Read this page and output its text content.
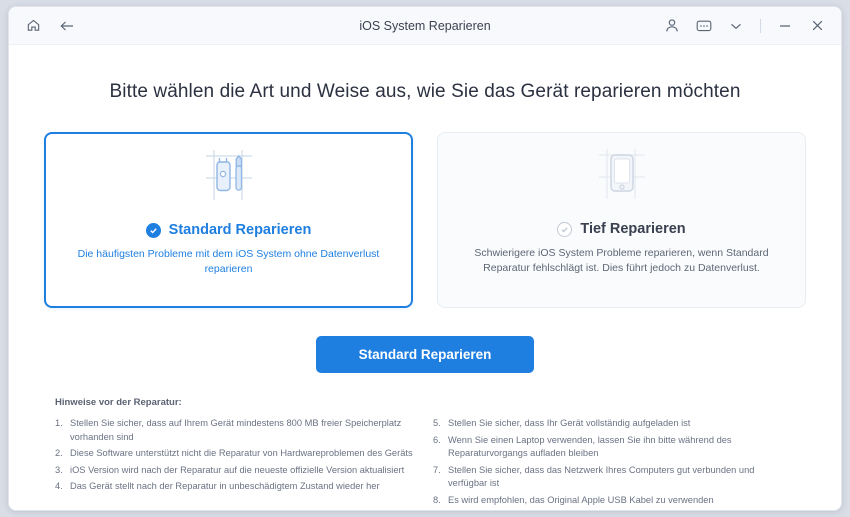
iOS System Reparieren
Bitte wählen die Art und Weise aus, wie Sie das Gerät reparieren möchten
Standard Reparieren
Die häufigsten Probleme mit dem iOS System ohne Datenverlust reparieren
Tief Reparieren
Schwierigere iOS System Probleme reparieren, wenn Standard Reparatur fehlschlägt ist. Dies führt jedoch zu Datenverlust.
Standard Reparieren
Hinweise vor der Reparatur:
1. Stellen Sie sicher, dass auf Ihrem Gerät mindestens 800 MB freier Speicherplatz vorhanden sind
2. Diese Software unterstützt nicht die Reparatur von Hardwareproblemen des Geräts
3. iOS Version wird nach der Reparatur auf die neueste offizielle Version aktualisiert
4. Das Gerät stellt nach der Reparatur in unbeschädigtem Zustand wieder her
5. Stellen Sie sicher, dass Ihr Gerät vollständig aufgeladen ist
6. Wenn Sie einen Laptop verwenden, lassen Sie ihn bitte während des Reparaturvorgangs aufladen bleiben
7. Stellen Sie sicher, dass das Netzwerk Ihres Computers gut verbunden und verfügbar ist
8. Es wird empfohlen, das Original Apple USB Kabel zu verwenden
